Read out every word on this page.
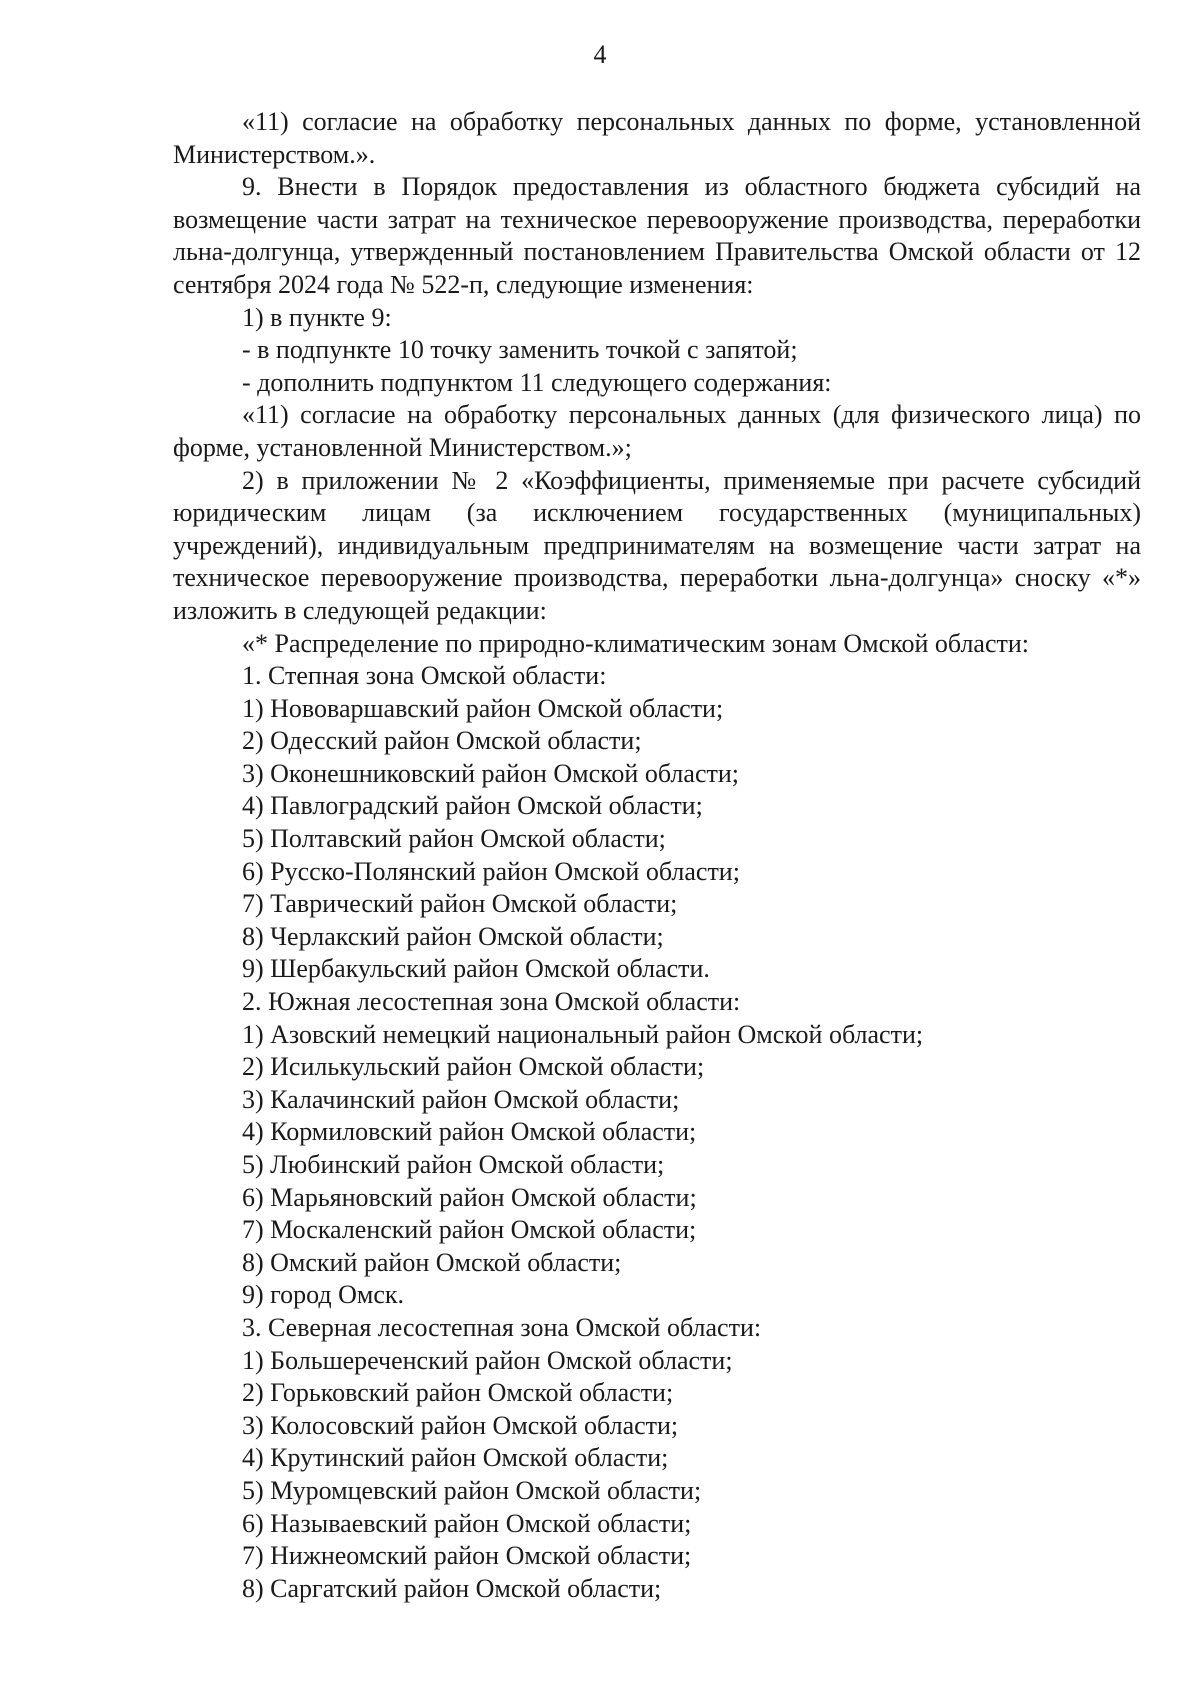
4

«11) согласие на обработку персональных данных по форме, установленной Министерством.».

9. Внести в Порядок предоставления из областного бюджета субсидий на возмещение части затрат на техническое перевооружение производства, переработки льна-долгунца, утвержденный постановлением Правительства Омской области от 12 сентября 2024 года № 522-п, следующие изменения:

1) в пункте 9:

- в подпункте 10 точку заменить точкой с запятой;

- дополнить подпунктом 11 следующего содержания:

«11) согласие на обработку персональных данных (для физического лица) по форме, установленной Министерством.»;

2) в приложении № 2 «Коэффициенты, применяемые при расчете субсидий юридическим лицам (за исключением государственных (муниципальных) учреждений), индивидуальным предпринимателям на возмещение части затрат на техническое перевооружение производства, переработки льна-долгунца» сноску «*» изложить в следующей редакции:

«* Распределение по природно-климатическим зонам Омской области:

1. Степная зона Омской области:

1) Нововаршавский район Омской области;

2) Одесский район Омской области;

3) Оконешниковский район Омской области;

4) Павлоградский район Омской области;

5) Полтавский район Омской области;

6) Русско-Полянский район Омской области;

7) Таврический район Омской области;

8) Черлакский район Омской области;

9) Шербакульский район Омской области.

2. Южная лесостепная зона Омской области:

1) Азовский немецкий национальный район Омской области;

2) Исилькульский район Омской области;

3) Калачинский район Омской области;

4) Кормиловский район Омской области;

5) Любинский район Омской области;

6) Марьяновский район Омской области;

7) Москаленский район Омской области;

8) Омский район Омской области;

9) город Омск.

3. Северная лесостепная зона Омской области:

1) Большереченский район Омской области;

2) Горьковский район Омской области;

3) Колосовский район Омской области;

4) Крутинский район Омской области;

5) Муромцевский район Омской области;

6) Называевский район Омской области;

7) Нижнеомский район Омской области;

8) Саргатский район Омской области;
